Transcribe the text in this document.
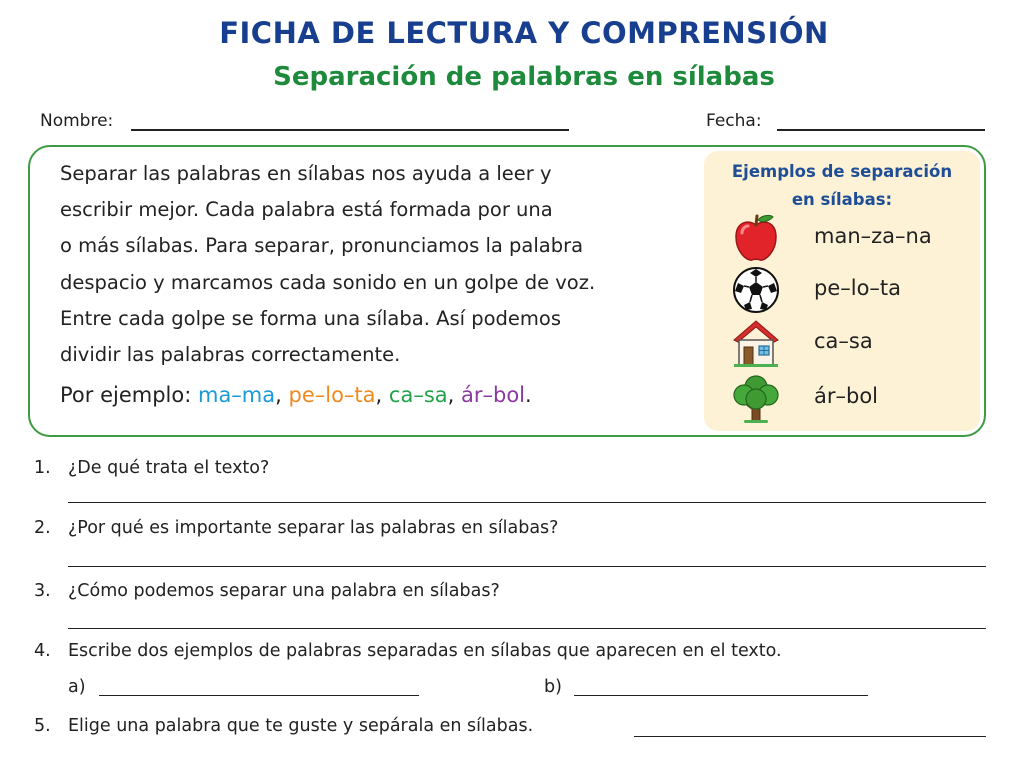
FICHA DE LECTURA Y COMPRENSIÓN
Separación de palabras en sílabas
Nombre:	Fecha:

Separar las palabras en sílabas nos ayuda a leer y

escribir mejor. Cada palabra está formada por una

o más sílabas. Para separar, pronunciamos la palabra

despacio y marcamos cada sonido en un golpe de voz.

Entre cada golpe se forma una sílaba. Así podemos

dividir las palabras correctamente.

Por ejemplo: ma–ma, pe–lo–ta, ca–sa, ár–bol.
Ejemplos de separación
en sílabas:
man–za–na
pe–lo–ta
ca–sa
ár–bol
1. ¿De qué trata el texto?
2. ¿Por qué es importante separar las palabras en sílabas?
3. ¿Cómo podemos separar una palabra en sílabas?
4. Escribe dos ejemplos de palabras separadas en sílabas que aparecen en el texto.
a)	b)
5. Elige una palabra que te guste y sepárala en sílabas.
